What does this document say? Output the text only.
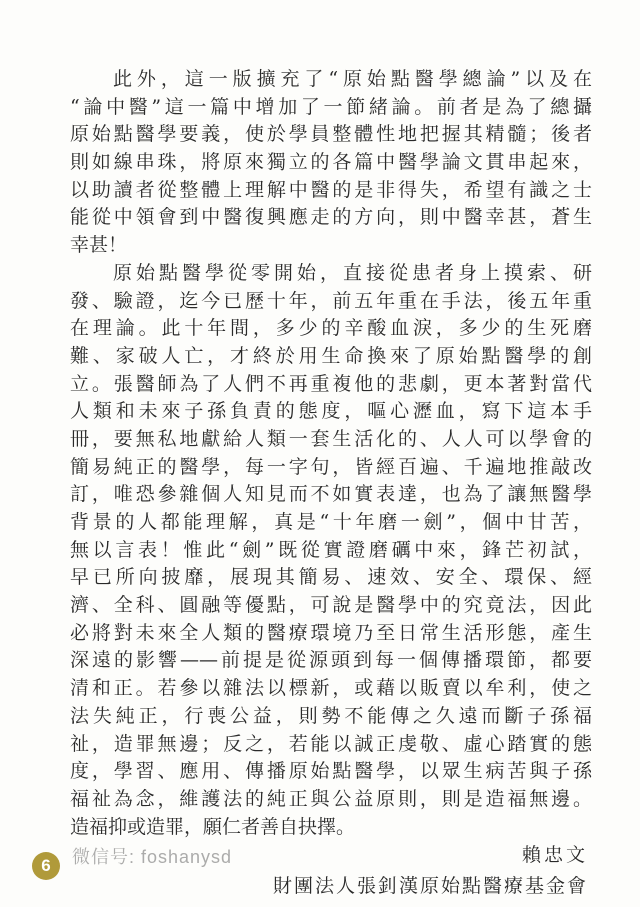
此外，這一版擴充了“原始點醫學總論”以及在
“論中醫”這一篇中增加了一節緒論。前者是為了總攝
原始點醫學要義，使於學員整體性地把握其精髓；後者
則如線串珠，將原來獨立的各篇中醫學論文貫串起來，
以助讀者從整體上理解中醫的是非得失，希望有識之士
能從中領會到中醫復興應走的方向，則中醫幸甚，蒼生
幸甚！
原始點醫學從零開始，直接從患者身上摸索、研
發、驗證，迄今已歷十年，前五年重在手法，後五年重
在理論。此十年間，多少的辛酸血淚，多少的生死磨
難、家破人亡，才終於用生命換來了原始點醫學的創
立。張醫師為了人們不再重複他的悲劇，更本著對當代
人類和未來子孫負責的態度，嘔心瀝血，寫下這本手
冊，要無私地獻給人類一套生活化的、人人可以學會的
簡易純正的醫學，每一字句，皆經百遍、千遍地推敲改
訂，唯恐參雜個人知見而不如實表達，也為了讓無醫學
背景的人都能理解，真是“十年磨一劍”，個中甘苦，
無以言表！惟此“劍”既從實證磨礪中來，鋒芒初試，
早已所向披靡，展現其簡易、速效、安全、環保、經
濟、全科、圓融等優點，可說是醫學中的究竟法，因此
必將對未來全人類的醫療環境乃至日常生活形態，產生
深遠的影響——前提是從源頭到每一個傳播環節，都要
清和正。若參以雜法以標新，或藉以販賣以牟利，使之
法失純正，行喪公益，則勢不能傳之久遠而斷子孫福
祉，造罪無邊；反之，若能以誠正虔敬、虛心踏實的態
度，學習、應用、傳播原始點醫學，以眾生病苦與子孫
福祉為念，維護法的純正與公益原則，則是造福無邊。
造福抑或造罪，願仁者善自抉擇。
賴忠文
財團法人張釗漢原始點醫療基金會
6	微信号: foshanysd
